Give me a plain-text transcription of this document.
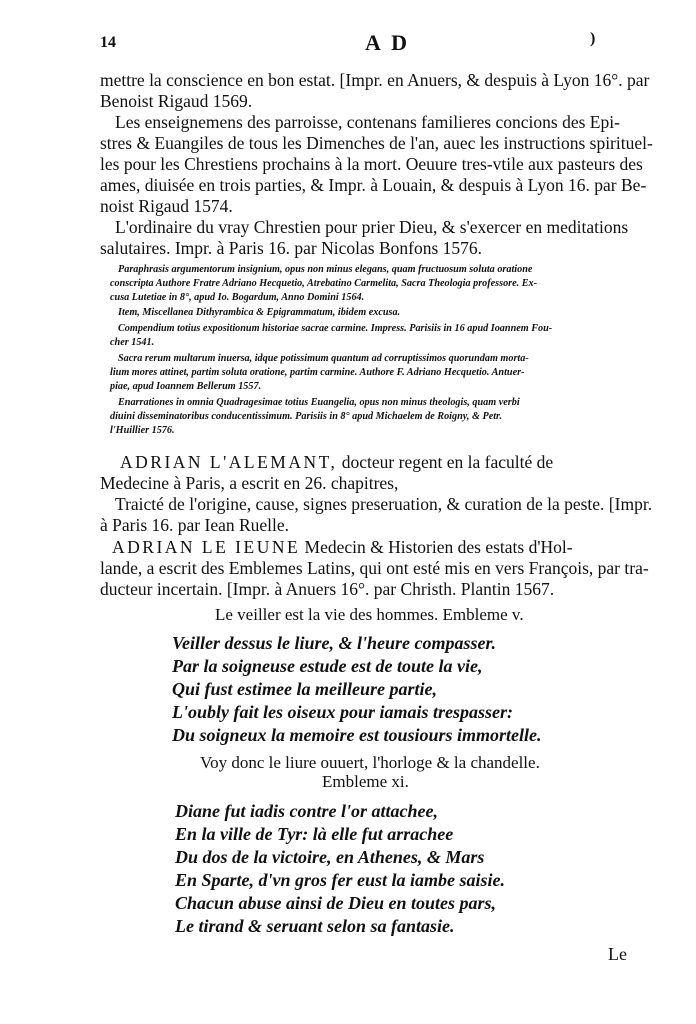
14	A D	)
mettre la conscience en bon estat. [Impr. en Anuers, & despuis à Lyon 16°. par
Benoist Rigaud 1569.
Les enseignemens des parroisse, contenans familieres concions des Epi-
stres & Euangiles de tous les Dimenches de l'an, auec les instructions spirituel-
les pour les Chrestiens prochains à la mort. Oeuure tres-vtile aux pasteurs des
ames, diuisée en trois parties, & Impr. à Louain, & despuis à Lyon 16. par Be-
noist Rigaud 1574.
L'ordinaire du vray Chrestien pour prier Dieu, & s'exercer en meditations
salutaires. Impr. à Paris 16. par Nicolas Bonfons 1576.
Paraphrasis argumentorum insignium, opus non minus elegans, quam fructuosum soluta oratione
conscripta Authore Fratre Adriano Hecquetio, Atrebatino Carmelita, Sacra Theologia professore. Ex-
cusa Lutetiae in 8°, apud Io. Bogardum, Anno Domini 1564.
Item, Miscellanea Dithyrambica & Epigrammatum, ibidem excusa.
Compendium totius expositionum historiae sacrae carmine. Impress. Parisiis in 16 apud Ioannem Fou-
cher 1541.
Sacra rerum multarum inuersa, idque potissimum quantum ad corruptissimos quorundam morta-
lium mores attinet, partim soluta oratione, partim carmine. Authore F. Adriano Hecquetio. Antuer-
piae, apud Ioannem Bellerum 1557.
Enarrationes in omnia Quadragesimae totius Euangelia, opus non minus theologis, quam verbi
diuini disseminatoribus conducentissimum. Parisiis in 8° apud Michaelem de Roigny, & Petr.
l'Huillier 1576.
ADRIAN L'ALEMANT, docteur regent en la faculté de
Medecine à Paris, a escrit en 26. chapitres,
Traicté de l'origine, cause, signes preseruation, & curation de la peste. [Impr.
à Paris 16. par Iean Ruelle.
ADRIAN LE IEUNE Medecin & Historien des estats d'Hol-
lande, a escrit des Emblemes Latins, qui ont esté mis en vers François, par tra-
ducteur incertain. [Impr. à Anuers 16°. par Christh. Plantin 1567.
Le veiller est la vie des hommes. Embleme v.
Veiller dessus le liure, & l'heure compasser.
Par la soigneuse estude est de toute la vie,
Qui fust estimee la meilleure partie,
L'oubly fait les oiseux pour iamais trespasser:
Du soigneux la memoire est tousiours immortelle.
Voy donc le liure ouuert, l'horloge & la chandelle.
Embleme xi.
Diane fut iadis contre l'or attachee,
En la ville de Tyr: là elle fut arrachee
Du dos de la victoire, en Athenes, & Mars
En Sparte, d'vn gros fer eust la iambe saisie.
Chacun abuse ainsi de Dieu en toutes pars,
Le tirand & seruant selon sa fantasie.
Le
